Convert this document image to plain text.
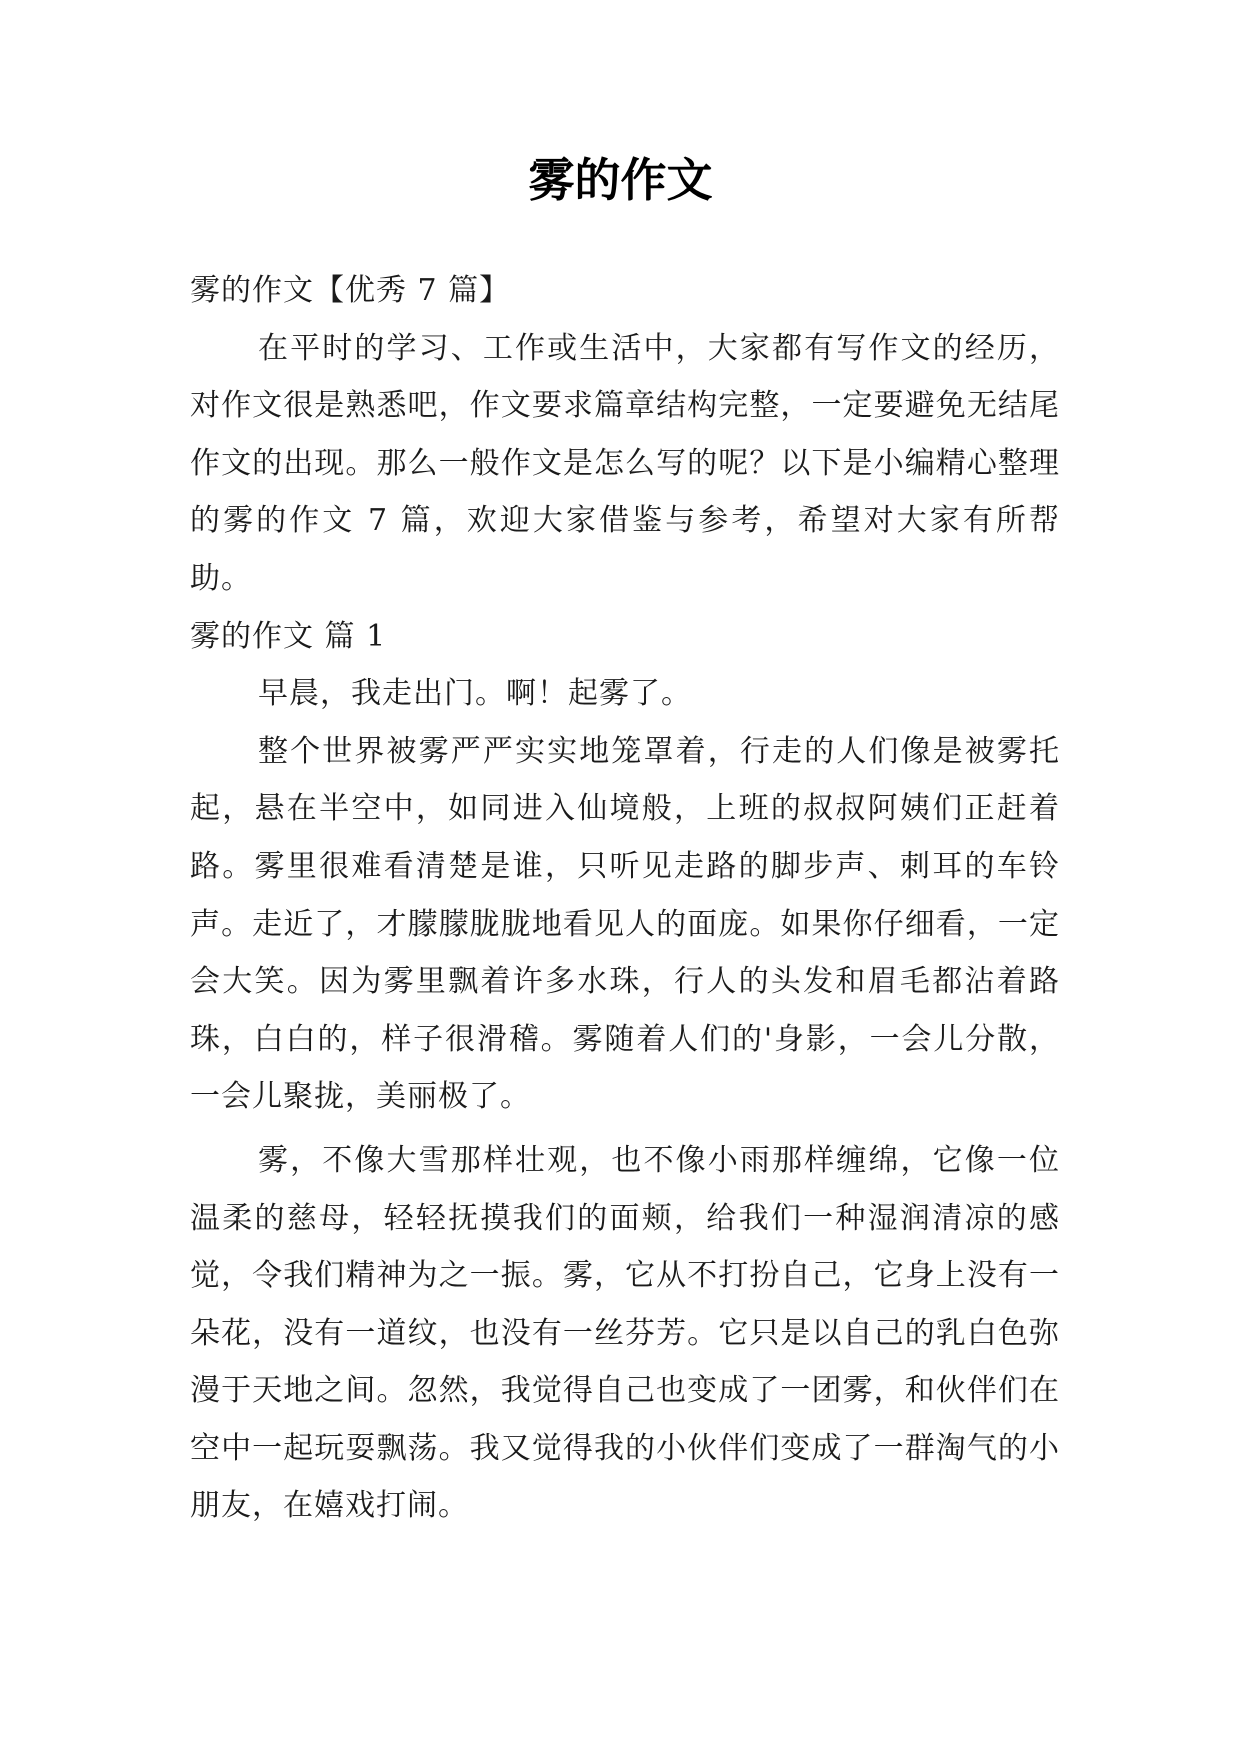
雾的作文

雾的作文【优秀 7 篇】

在平时的学习、工作或生活中，大家都有写作文的经历，对作文很是熟悉吧，作文要求篇章结构完整，一定要避免无结尾作文的出现。那么一般作文是怎么写的呢？以下是小编精心整理的雾的作文 7 篇，欢迎大家借鉴与参考，希望对大家有所帮助。

雾的作文 篇 1

早晨，我走出门。啊！起雾了。

整个世界被雾严严实实地笼罩着，行走的人们像是被雾托起，悬在半空中，如同进入仙境般，上班的叔叔阿姨们正赶着路。雾里很难看清楚是谁，只听见走路的脚步声、刺耳的车铃声。走近了，才朦朦胧胧地看见人的面庞。如果你仔细看，一定会大笑。因为雾里飘着许多水珠，行人的头发和眉毛都沾着路珠，白白的，样子很滑稽。雾随着人们的'身影，一会儿分散，一会儿聚拢，美丽极了。

雾，不像大雪那样壮观，也不像小雨那样缠绵，它像一位温柔的慈母，轻轻抚摸我们的面颊，给我们一种湿润清凉的感觉，令我们精神为之一振。雾，它从不打扮自己，它身上没有一朵花，没有一道纹，也没有一丝芬芳。它只是以自己的乳白色弥漫于天地之间。忽然，我觉得自己也变成了一团雾，和伙伴们在空中一起玩耍飘荡。我又觉得我的小伙伴们变成了一群淘气的小朋友，在嬉戏打闹。
